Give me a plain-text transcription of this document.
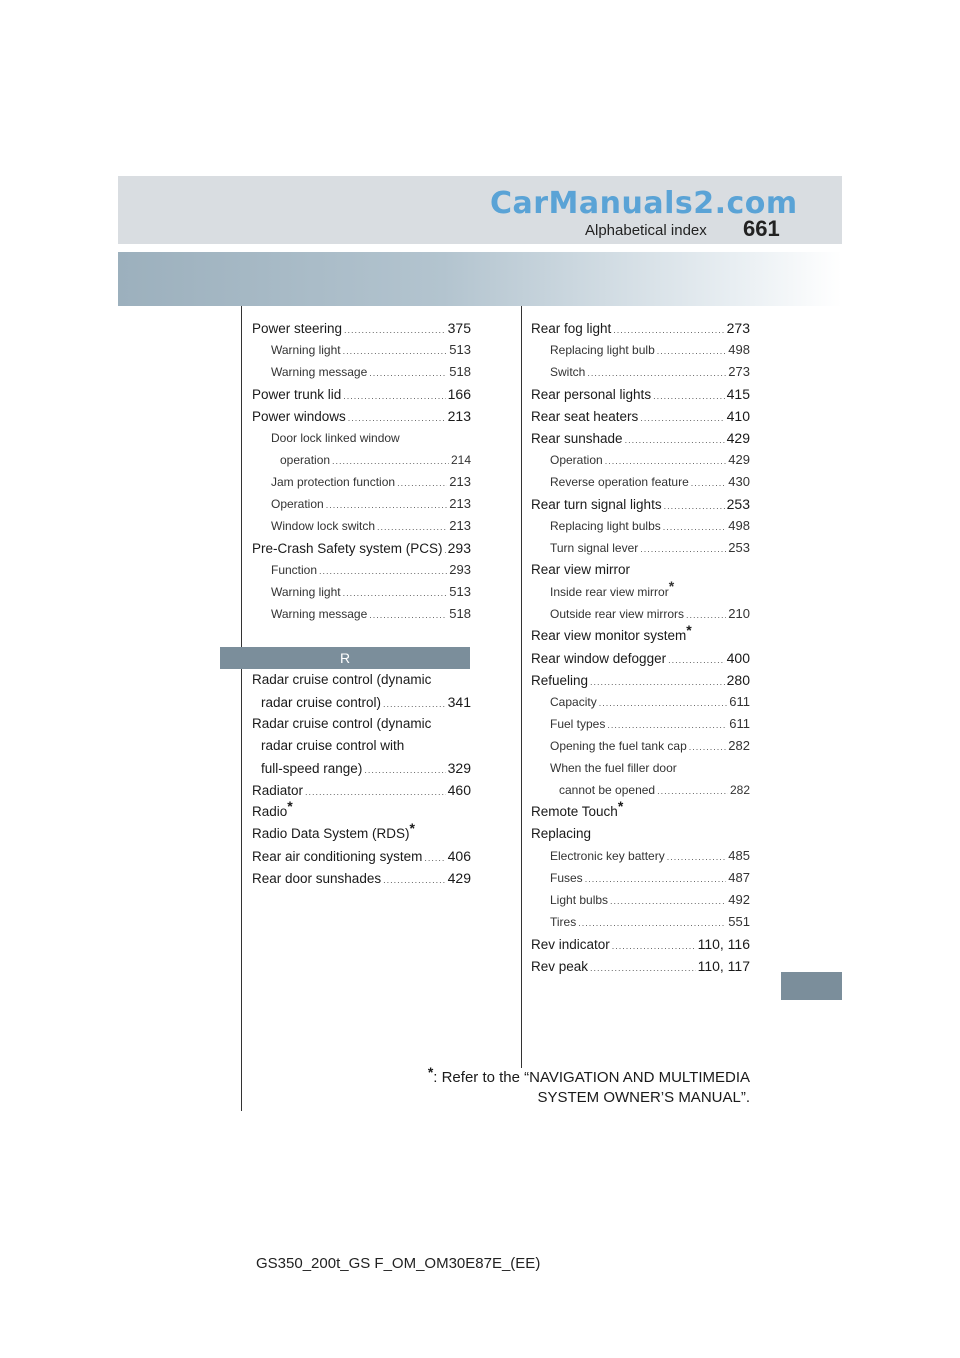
CarManuals2.com
Alphabetical index 661
Power steering .....	375
Warning light .....	513
Warning message .....	518
Power trunk lid .....	166
Power windows .....	213
Door lock linked window
operation .....	214
Jam protection function .....	213
Operation .....	213
Window lock switch .....	213
Pre-Crash Safety system (PCS) ..... 293
Function .....	293
Warning light .....	513
Warning message .....	518
R
Radar cruise control (dynamic
radar cruise control) .....	341
Radar cruise control (dynamic
radar cruise control with
full-speed range) .....	329
Radiator .....	460
Radio*
Radio Data System (RDS)*
Rear air conditioning system ..... 406
Rear door sunshades .....	429
Rear fog light .....	273
Replacing light bulb .....	498
Switch .....	273
Rear personal lights .....	415
Rear seat heaters .....	410
Rear sunshade .....	429
Operation .....	429
Reverse operation feature .....	430
Rear turn signal lights .....	253
Replacing light bulbs .....	498
Turn signal lever .....	253
Rear view mirror
Inside rear view mirror*
Outside rear view mirrors .....	210
Rear view monitor system*
Rear window defogger .....	400
Refueling .....	280
Capacity .....	611
Fuel types .....	611
Opening the fuel tank cap .....	282
When the fuel filler door
cannot be opened .....	282
Remote Touch*
Replacing
Electronic key battery .....	485
Fuses .....	487
Light bulbs .....	492
Tires .....	551
Rev indicator .....	110, 116
Rev peak .....	110, 117
*: Refer to the “NAVIGATION AND MULTIMEDIA
SYSTEM OWNER’S MANUAL”.
GS350_200t_GS F_OM_OM30E87E_(EE)
